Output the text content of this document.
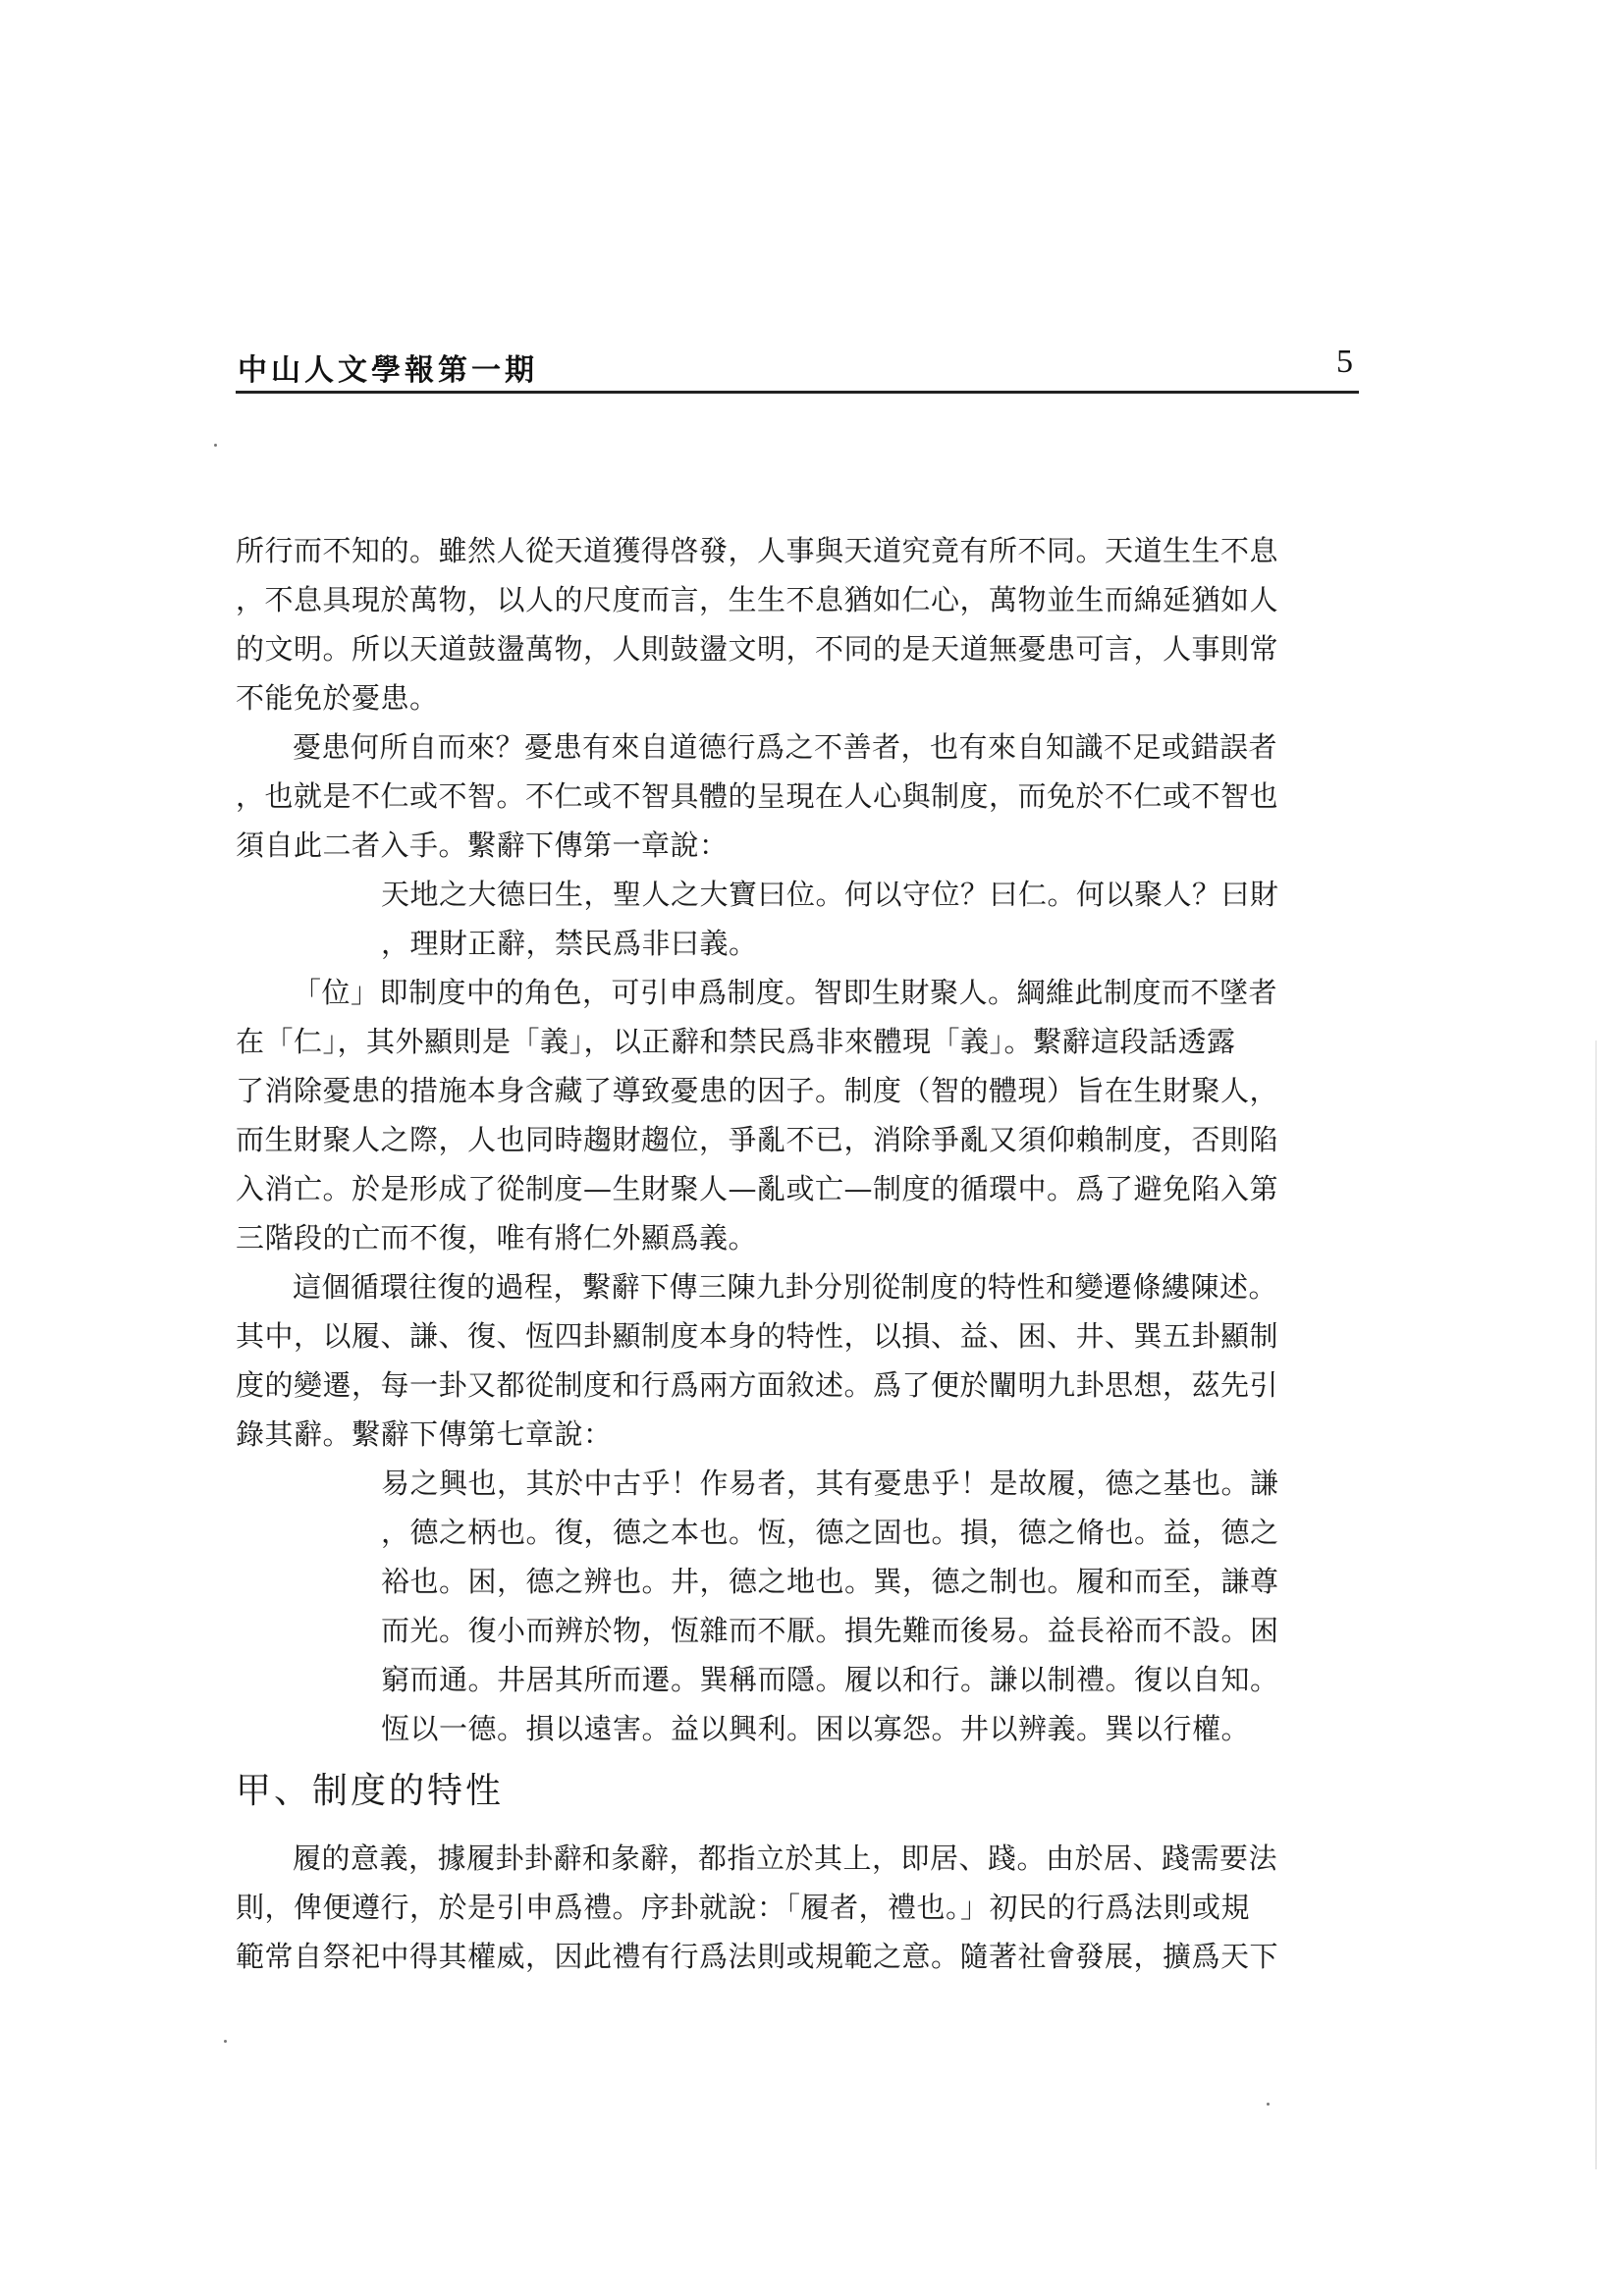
中山人文學報第一期	5
所行而不知的。雖然人從天道獲得啓發，人事與天道究竟有所不同。天道生生不息
，不息具現於萬物，以人的尺度而言，生生不息猶如仁心，萬物並生而綿延猶如人
的文明。所以天道鼓盪萬物，人則鼓盪文明，不同的是天道無憂患可言，人事則常
不能免於憂患。
憂患何所自而來？憂患有來自道德行爲之不善者，也有來自知識不足或錯誤者
，也就是不仁或不智。不仁或不智具體的呈現在人心與制度，而免於不仁或不智也
須自此二者入手。繫辭下傳第一章說：
天地之大德曰生，聖人之大寶曰位。何以守位？曰仁。何以聚人？曰財
，理財正辭，禁民爲非曰義。
「位」即制度中的角色，可引申爲制度。智即生財聚人。綱維此制度而不墜者
在「仁」，其外顯則是「義」，以正辭和禁民爲非來體現「義」。繫辭這段話透露
了消除憂患的措施本身含藏了導致憂患的因子。制度（智的體現）旨在生財聚人，
而生財聚人之際，人也同時趨財趨位，爭亂不已，消除爭亂又須仰賴制度，否則陷
入消亡。於是形成了從制度—生財聚人—亂或亡—制度的循環中。爲了避免陷入第
三階段的亡而不復，唯有將仁外顯爲義。
這個循環往復的過程，繫辭下傳三陳九卦分別從制度的特性和變遷條縷陳述。
其中，以履、謙、復、恆四卦顯制度本身的特性，以損、益、困、井、巽五卦顯制
度的變遷，每一卦又都從制度和行爲兩方面敘述。爲了便於闡明九卦思想，茲先引
錄其辭。繫辭下傳第七章說：
易之興也，其於中古乎！作易者，其有憂患乎！是故履，德之基也。謙
，德之柄也。復，德之本也。恆，德之固也。損，德之脩也。益，德之
裕也。困，德之辨也。井，德之地也。巽，德之制也。履和而至，謙尊
而光。復小而辨於物，恆雜而不厭。損先難而後易。益長裕而不設。困
窮而通。井居其所而遷。巽稱而隱。履以和行。謙以制禮。復以自知。
恆以一德。損以遠害。益以興利。困以寡怨。井以辨義。巽以行權。
甲、制度的特性
履的意義，據履卦卦辭和彖辭，都指立於其上，即居、踐。由於居、踐需要法
則，俾便遵行，於是引申爲禮。序卦就說：「履者，禮也。」初民的行爲法則或規
範常自祭祀中得其權威，因此禮有行爲法則或規範之意。隨著社會發展，擴爲天下
